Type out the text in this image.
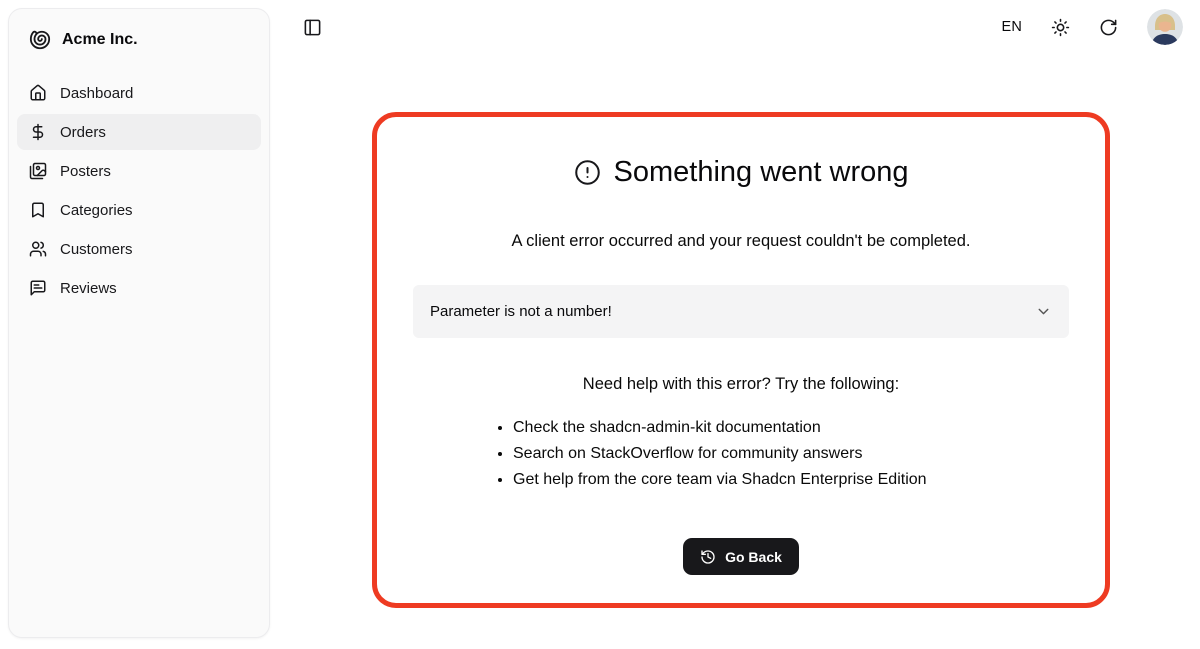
Acme Inc.
Dashboard
Orders
Posters
Categories
Customers
Reviews
EN
Something went wrong

A client error occurred and your request couldn't be completed.

Parameter is not a number!

Need help with this error? Try the following:

• Check the shadcn-admin-kit documentation
• Search on StackOverflow for community answers
• Get help from the core team via Shadcn Enterprise Edition
Go Back
